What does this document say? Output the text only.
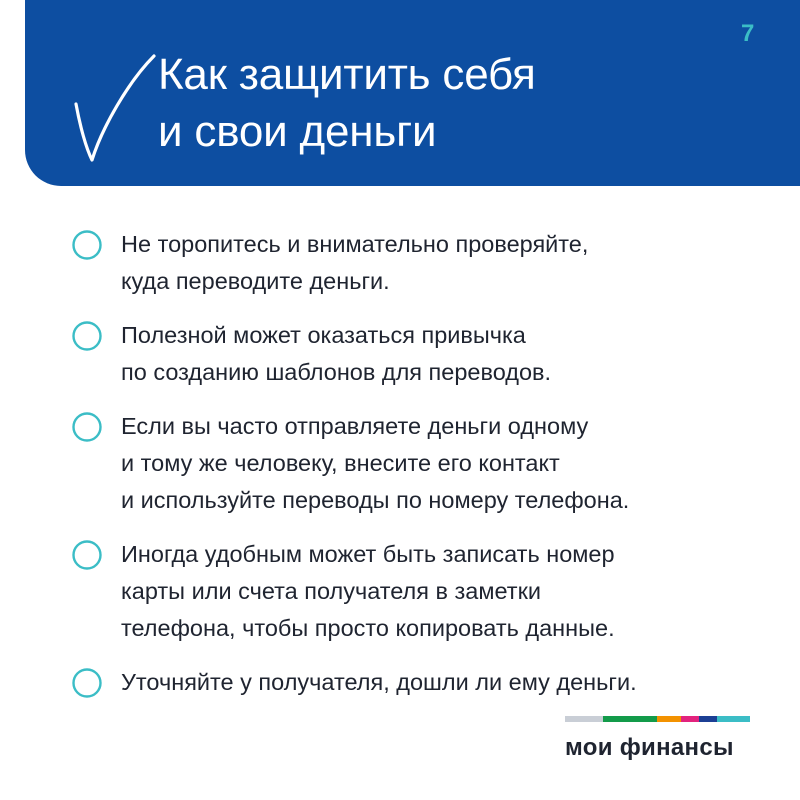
Как защитить себя
и свои деньги
7
Не торопитесь и внимательно проверяйте,
куда переводите деньги.
Полезной может оказаться привычка
по созданию шаблонов для переводов.
Если вы часто отправляете деньги одному
и тому же человеку, внесите его контакт
и используйте переводы по номеру телефона.
Иногда удобным может быть записать номер
карты или счета получателя в заметки
телефона, чтобы просто копировать данные.
Уточняйте у получателя, дошли ли ему деньги.
мои финансы
